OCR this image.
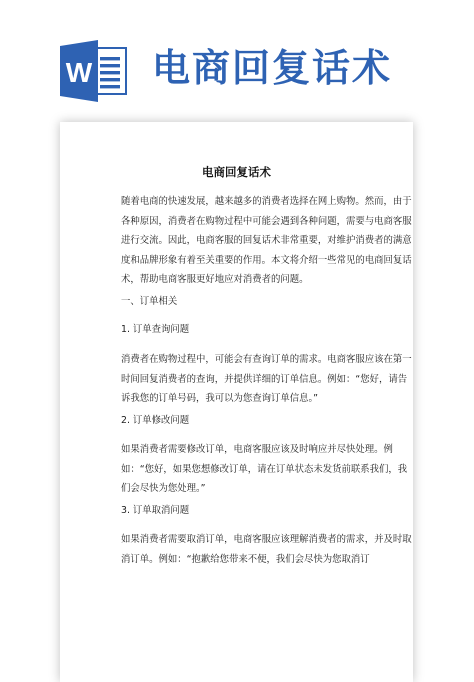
W 电商回复话术
电商回复话术

随着电商的快速发展，越来越多的消费者选择在网上购物。然而，由于各种原因，消费者在购物过程中可能会遇到各种问题，需要与电商客服进行交流。因此，电商客服的回复话术非常重要，对维护消费者的满意度和品牌形象有着至关重要的作用。本文将介绍一些常见的电商回复话术，帮助电商客服更好地应对消费者的问题。

一、订单相关

1. 订单查询问题

消费者在购物过程中，可能会有查询订单的需求。电商客服应该在第一时间回复消费者的查询，并提供详细的订单信息。例如：“您好，请告诉我您的订单号码，我可以为您查询订单信息。”

2. 订单修改问题

如果消费者需要修改订单，电商客服应该及时响应并尽快处理。例如：“您好，如果您想修改订单，请在订单状态未发货前联系我们，我们会尽快为您处理。”

3. 订单取消问题

如果消费者需要取消订单，电商客服应该理解消费者的需求，并及时取消订单。例如：“抱歉给您带来不便，我们会尽快为您取消订
